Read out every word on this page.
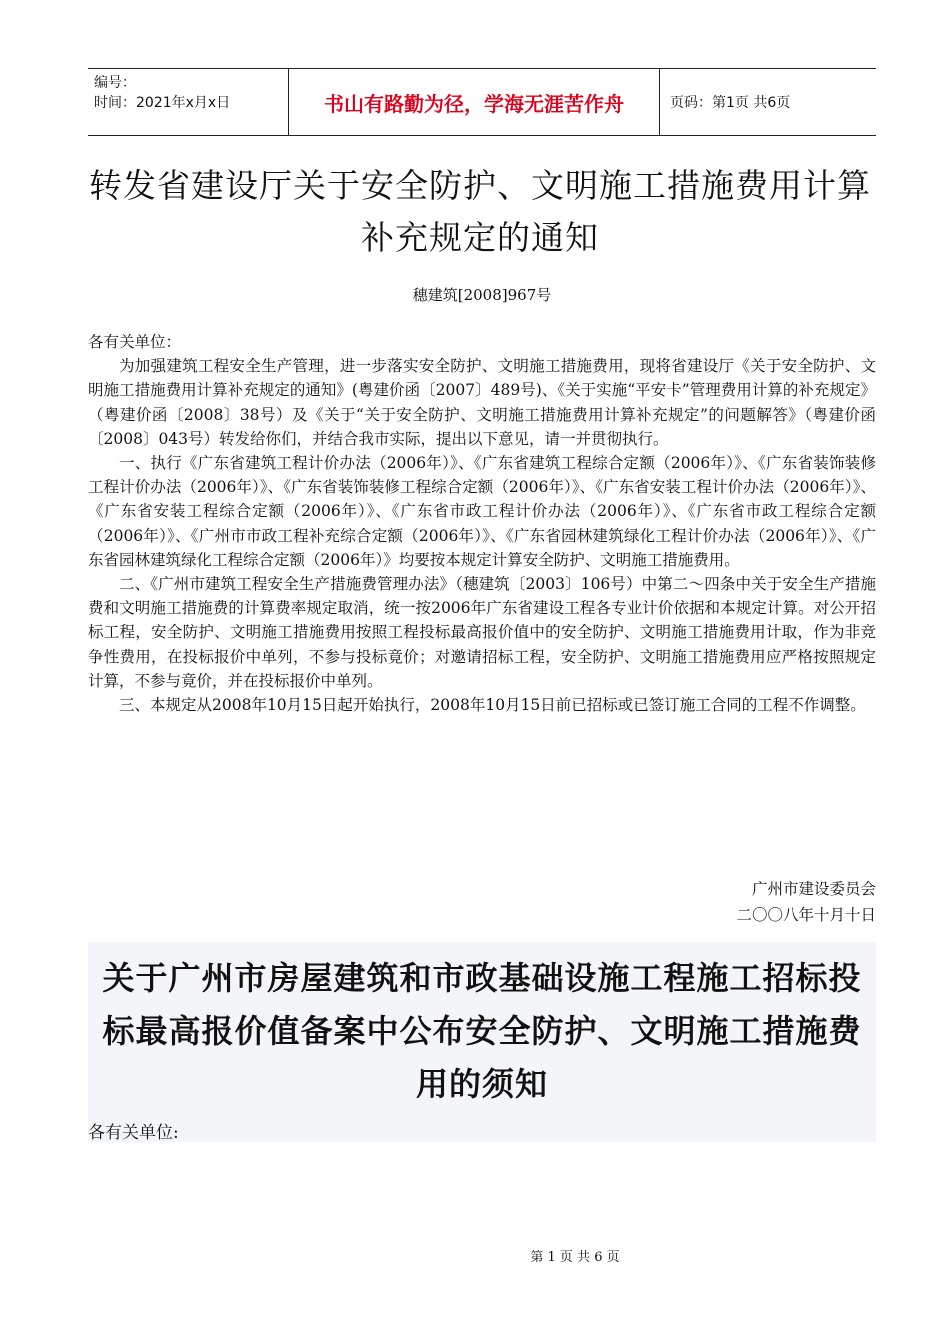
编号：
时间：2021年x月x日	书山有路勤为径，学海无涯苦作舟	页码：第1页 共6页
转发省建设厅关于安全防护、文明施工措施费用计算补充规定的通知
穗建筑[2008]967号

各有关单位：

为加强建筑工程安全生产管理，进一步落实安全防护、文明施工措施费用，现将省建设厅《关于安全防护、文明施工措施费用计算补充规定的通知》(粤建价函〔2007〕489号)、《关于实施“平安卡”管理费用计算的补充规定》（粤建价函〔2008〕38号）及《关于“关于安全防护、文明施工措施费用计算补充规定”的问题解答》（粤建价函〔2008〕043号）转发给你们，并结合我市实际，提出以下意见，请一并贯彻执行。

一、执行《广东省建筑工程计价办法（2006年）》、《广东省建筑工程综合定额（2006年）》、《广东省装饰装修工程计价办法（2006年）》、《广东省装饰装修工程综合定额（2006年）》、《广东省安装工程计价办法（2006年）》、《广东省安装工程综合定额（2006年）》、《广东省市政工程计价办法（2006年）》、《广东省市政工程综合定额（2006年）》、《广州市市政工程补充综合定额（2006年）》、《广东省园林建筑绿化工程计价办法（2006年）》、《广东省园林建筑绿化工程综合定额（2006年）》均要按本规定计算安全防护、文明施工措施费用。

二、《广州市建筑工程安全生产措施费管理办法》（穗建筑〔2003〕106号）中第二～四条中关于安全生产措施费和文明施工措施费的计算费率规定取消，统一按2006年广东省建设工程各专业计价依据和本规定计算。对公开招标工程，安全防护、文明施工措施费用按照工程投标最高报价值中的安全防护、文明施工措施费用计取，作为非竞争性费用，在投标报价中单列，不参与投标竟价；对邀请招标工程，安全防护、文明施工措施费用应严格按照规定计算，不参与竟价，并在投标报价中单列。

三、本规定从2008年10月15日起开始执行，2008年10月15日前已招标或已签订施工合同的工程不作调整。

广州市建设委员会
二〇〇八年十月十日

关于广州市房屋建筑和市政基础设施工程施工招标投标最高报价值备案中公布安全防护、文明施工措施费用的须知

各有关单位:
第 1 页 共 6 页
